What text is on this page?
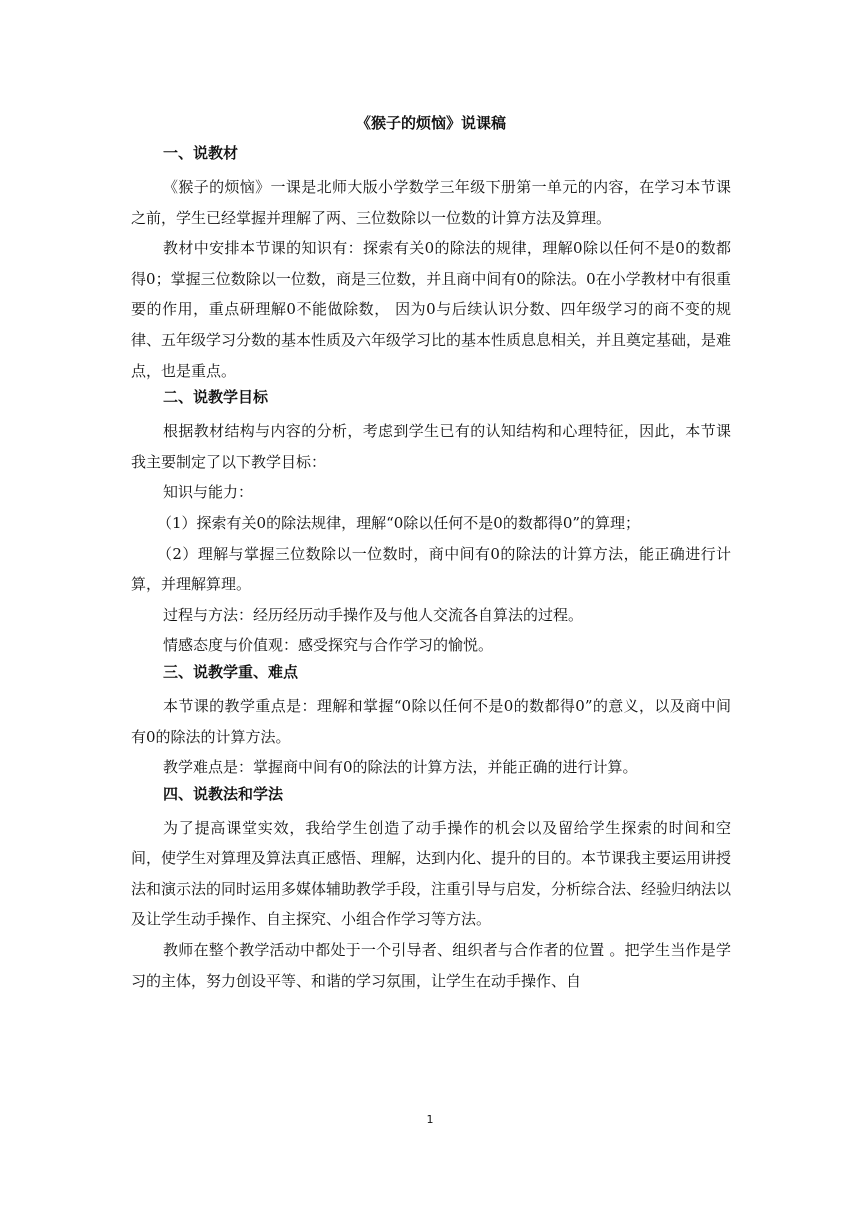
《猴子的烦恼》说课稿
一、说教材

《猴子的烦恼》一课是北师大版小学数学三年级下册第一单元的内容，在学习本节课之前，学生已经掌握并理解了两、三位数除以一位数的计算方法及算理。

教材中安排本节课的知识有：探索有关0的除法的规律，理解0除以任何不是0的数都得0；掌握三位数除以一位数，商是三位数，并且商中间有0的除法。0在小学教材中有很重要的作用，重点研理解0不能做除数， 因为0与后续认识分数、四年级学习的商不变的规律、五年级学习分数的基本性质及六年级学习比的基本性质息息相关，并且奠定基础，是难点，也是重点。

二、说教学目标

根据教材结构与内容的分析，考虑到学生已有的认知结构和心理特征，因此，本节课我主要制定了以下教学目标：

知识与能力：

（1）探索有关0的除法规律，理解“0除以任何不是0的数都得0”的算理；

（2）理解与掌握三位数除以一位数时，商中间有0的除法的计算方法，能正确进行计算，并理解算理。

过程与方法：经历经历动手操作及与他人交流各自算法的过程。

情感态度与价值观：感受探究与合作学习的愉悦。

三、说教学重、难点

本节课的教学重点是：理解和掌握“0除以任何不是0的数都得0”的意义，以及商中间有0的除法的计算方法。

教学难点是：掌握商中间有0的除法的计算方法，并能正确的进行计算。

四、说教法和学法

为了提高课堂实效，我给学生创造了动手操作的机会以及留给学生探索的时间和空间，使学生对算理及算法真正感悟、理解，达到内化、提升的目的。本节课我主要运用讲授法和演示法的同时运用多媒体辅助教学手段，注重引导与启发，分析综合法、经验归纳法以及让学生动手操作、自主探究、小组合作学习等方法。

教师在整个教学活动中都处于一个引导者、组织者与合作者的位置 。把学生当作是学习的主体，努力创设平等、和谐的学习氛围，让学生在动手操作、自

1
